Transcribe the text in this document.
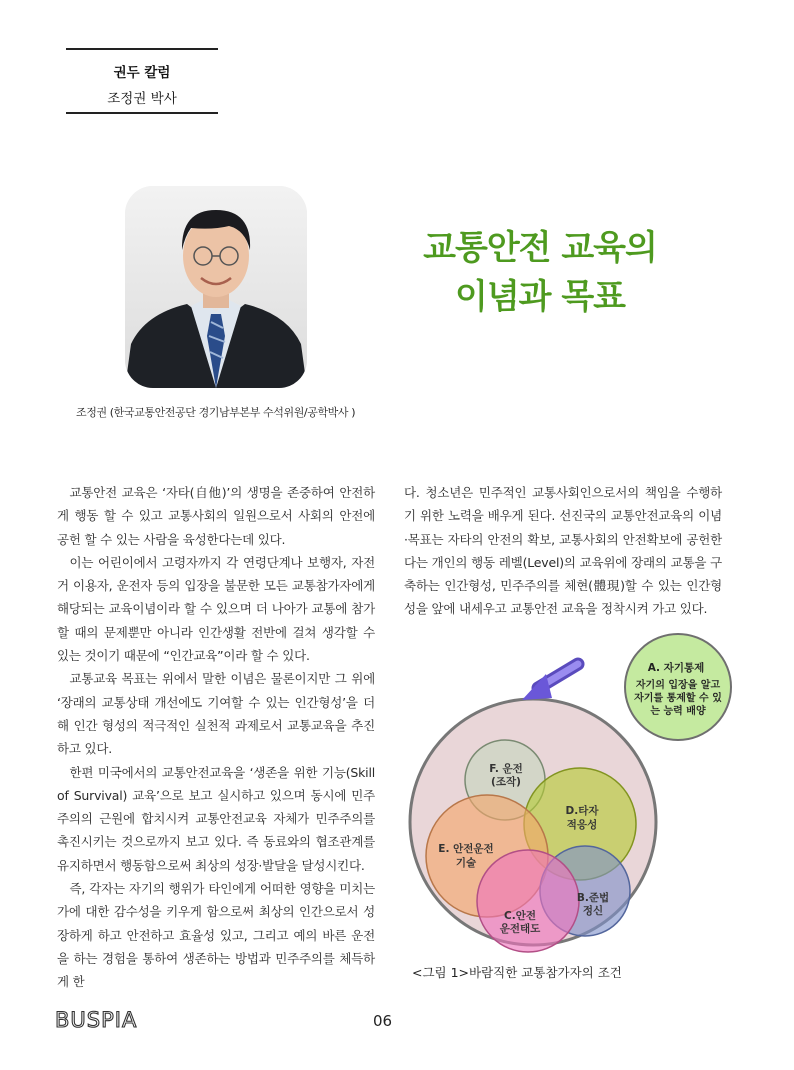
권두 칼럼
조정권 박사
조정권 (한국교통안전공단 경기남부본부 수석위원/공학박사 )
교통안전 교육의
이념과 목표

교통안전 교육은 ‘자타(自他)’의 생명을 존중하여 안전하게 행동 할 수 있고 교통사회의 일원으로서 사회의 안전에 공헌 할 수 있는 사람을 육성한다는데 있다.

이는 어린이에서 고령자까지 각 연령단계나 보행자, 자전거 이용자, 운전자 등의 입장을 불문한 모든 교통참가자에게 해당되는 교육이념이라 할 수 있으며 더 나아가 교통에 참가할 때의 문제뿐만 아니라 인간생활 전반에 걸쳐 생각할 수 있는 것이기 때문에 “인간교육”이라 할 수 있다.

교통교육 목표는 위에서 말한 이념은 물론이지만 그 위에 ‘장래의 교통상태 개선에도 기여할 수 있는 인간형성’을 더해 인간 형성의 적극적인 실천적 과제로서 교통교육을 추진하고 있다.

한편 미국에서의 교통안전교육을 ‘생존을 위한 기능(Skill of Survival) 교육’으로 보고 실시하고 있으며 동시에 민주주의의 근원에 합치시켜 교통안전교육 자체가 민주주의를 촉진시키는 것으로까지 보고 있다. 즉 동료와의 협조관계를 유지하면서 행동함으로써 최상의 성장·발달을 달성시킨다.

즉, 각자는 자기의 행위가 타인에게 어떠한 영향을 미치는가에 대한 감수성을 키우게 함으로써 최상의 인간으로서 성장하게 하고 안전하고 효율성 있고, 그리고 예의 바른 운전을 하는 경험을 통하여 생존하는 방법과 민주주의를 체득하게 한

다. 청소년은 민주적인 교통사회인으로서의 책임을 수행하기 위한 노력을 배우게 된다. 선진국의 교통안전교육의 이념·목표는 자타의 안전의 확보, 교통사회의 안전확보에 공헌한다는 개인의 행동 레벨(Level)의 교육위에 장래의 교통을 구축하는 인간형성, 민주주의를 체현(體現)할 수 있는 인간형성을 앞에 내세우고 교통안전 교육을 정착시켜 가고 있다.

F. 운전
(조작)
D.타자
적응성
E. 안전운전
기술
B.준법
정신
C.안전
운전태도
A. 자기통제
자기의 입장을 알고
자기를 통제할 수 있
는 능력 배양
<그림 1>바람직한 교통참가자의 조건
BUSPIA	06
